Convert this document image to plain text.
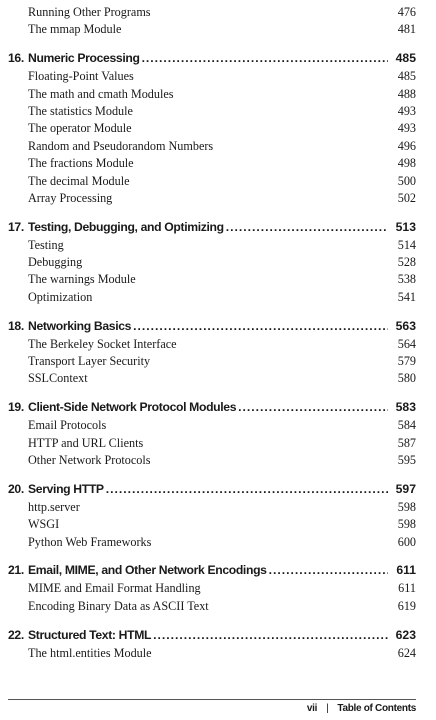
Running Other Programs	476
The mmap Module	481
16. Numeric Processing . . .	485
Floating-Point Values	485
The math and cmath Modules	488
The statistics Module	493
The operator Module	493
Random and Pseudorandom Numbers	496
The fractions Module	498
The decimal Module	500
Array Processing	502
17. Testing, Debugging, and Optimizing . . .	513
Testing	514
Debugging	528
The warnings Module	538
Optimization	541
18. Networking Basics . . .	563
The Berkeley Socket Interface	564
Transport Layer Security	579
SSLContext	580
19. Client-Side Network Protocol Modules . . .	583
Email Protocols	584
HTTP and URL Clients	587
Other Network Protocols	595
20. Serving HTTP . . .	597
http.server	598
WSGI	598
Python Web Frameworks	600
21. Email, MIME, and Other Network Encodings . . .	611
MIME and Email Format Handling	611
Encoding Binary Data as ASCII Text	619
22. Structured Text: HTML . . .	623
The html.entities Module	624
vii | Table of Contents
